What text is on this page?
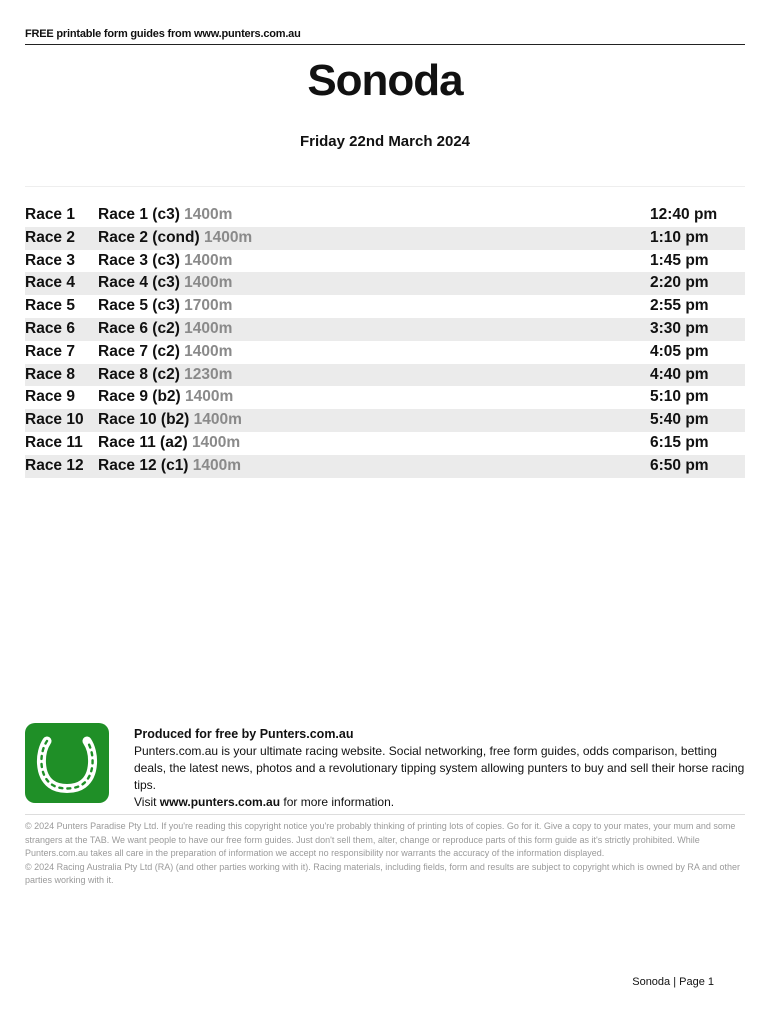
FREE printable form guides from www.punters.com.au
Sonoda
Friday 22nd March 2024
Race 1 Race 1 (c3) 1400m	12:40 pm
Race 2 Race 2 (cond) 1400m	1:10 pm
Race 3 Race 3 (c3) 1400m	1:45 pm
Race 4 Race 4 (c3) 1400m	2:20 pm
Race 5 Race 5 (c3) 1700m	2:55 pm
Race 6 Race 6 (c2) 1400m	3:30 pm
Race 7 Race 7 (c2) 1400m	4:05 pm
Race 8 Race 8 (c2) 1230m	4:40 pm
Race 9 Race 9 (b2) 1400m	5:10 pm
Race 10 Race 10 (b2) 1400m	5:40 pm
Race 11 Race 11 (a2) 1400m	6:15 pm
Race 12 Race 12 (c1) 1400m	6:50 pm
Produced for free by Punters.com.au
Punters.com.au is your ultimate racing website. Social networking, free form guides, odds comparison, betting deals, the latest news, photos and a revolutionary tipping system allowing punters to buy and sell their horse racing tips.
Visit www.punters.com.au for more information.
© 2024 Punters Paradise Pty Ltd. If you're reading this copyright notice you're probably thinking of printing lots of copies. Go for it. Give a copy to your mates, your mum and some strangers at the TAB. We want people to have our free form guides. Just don't sell them, alter, change or reproduce parts of this form guide as it's strictly prohibited. While Punters.com.au takes all care in the preparation of information we accept no responsibility nor warrants the accuracy of the information displayed.
© 2024 Racing Australia Pty Ltd (RA) (and other parties working with it). Racing materials, including fields, form and results are subject to copyright which is owned by RA and other parties working with it.
Sonoda | Page 1
